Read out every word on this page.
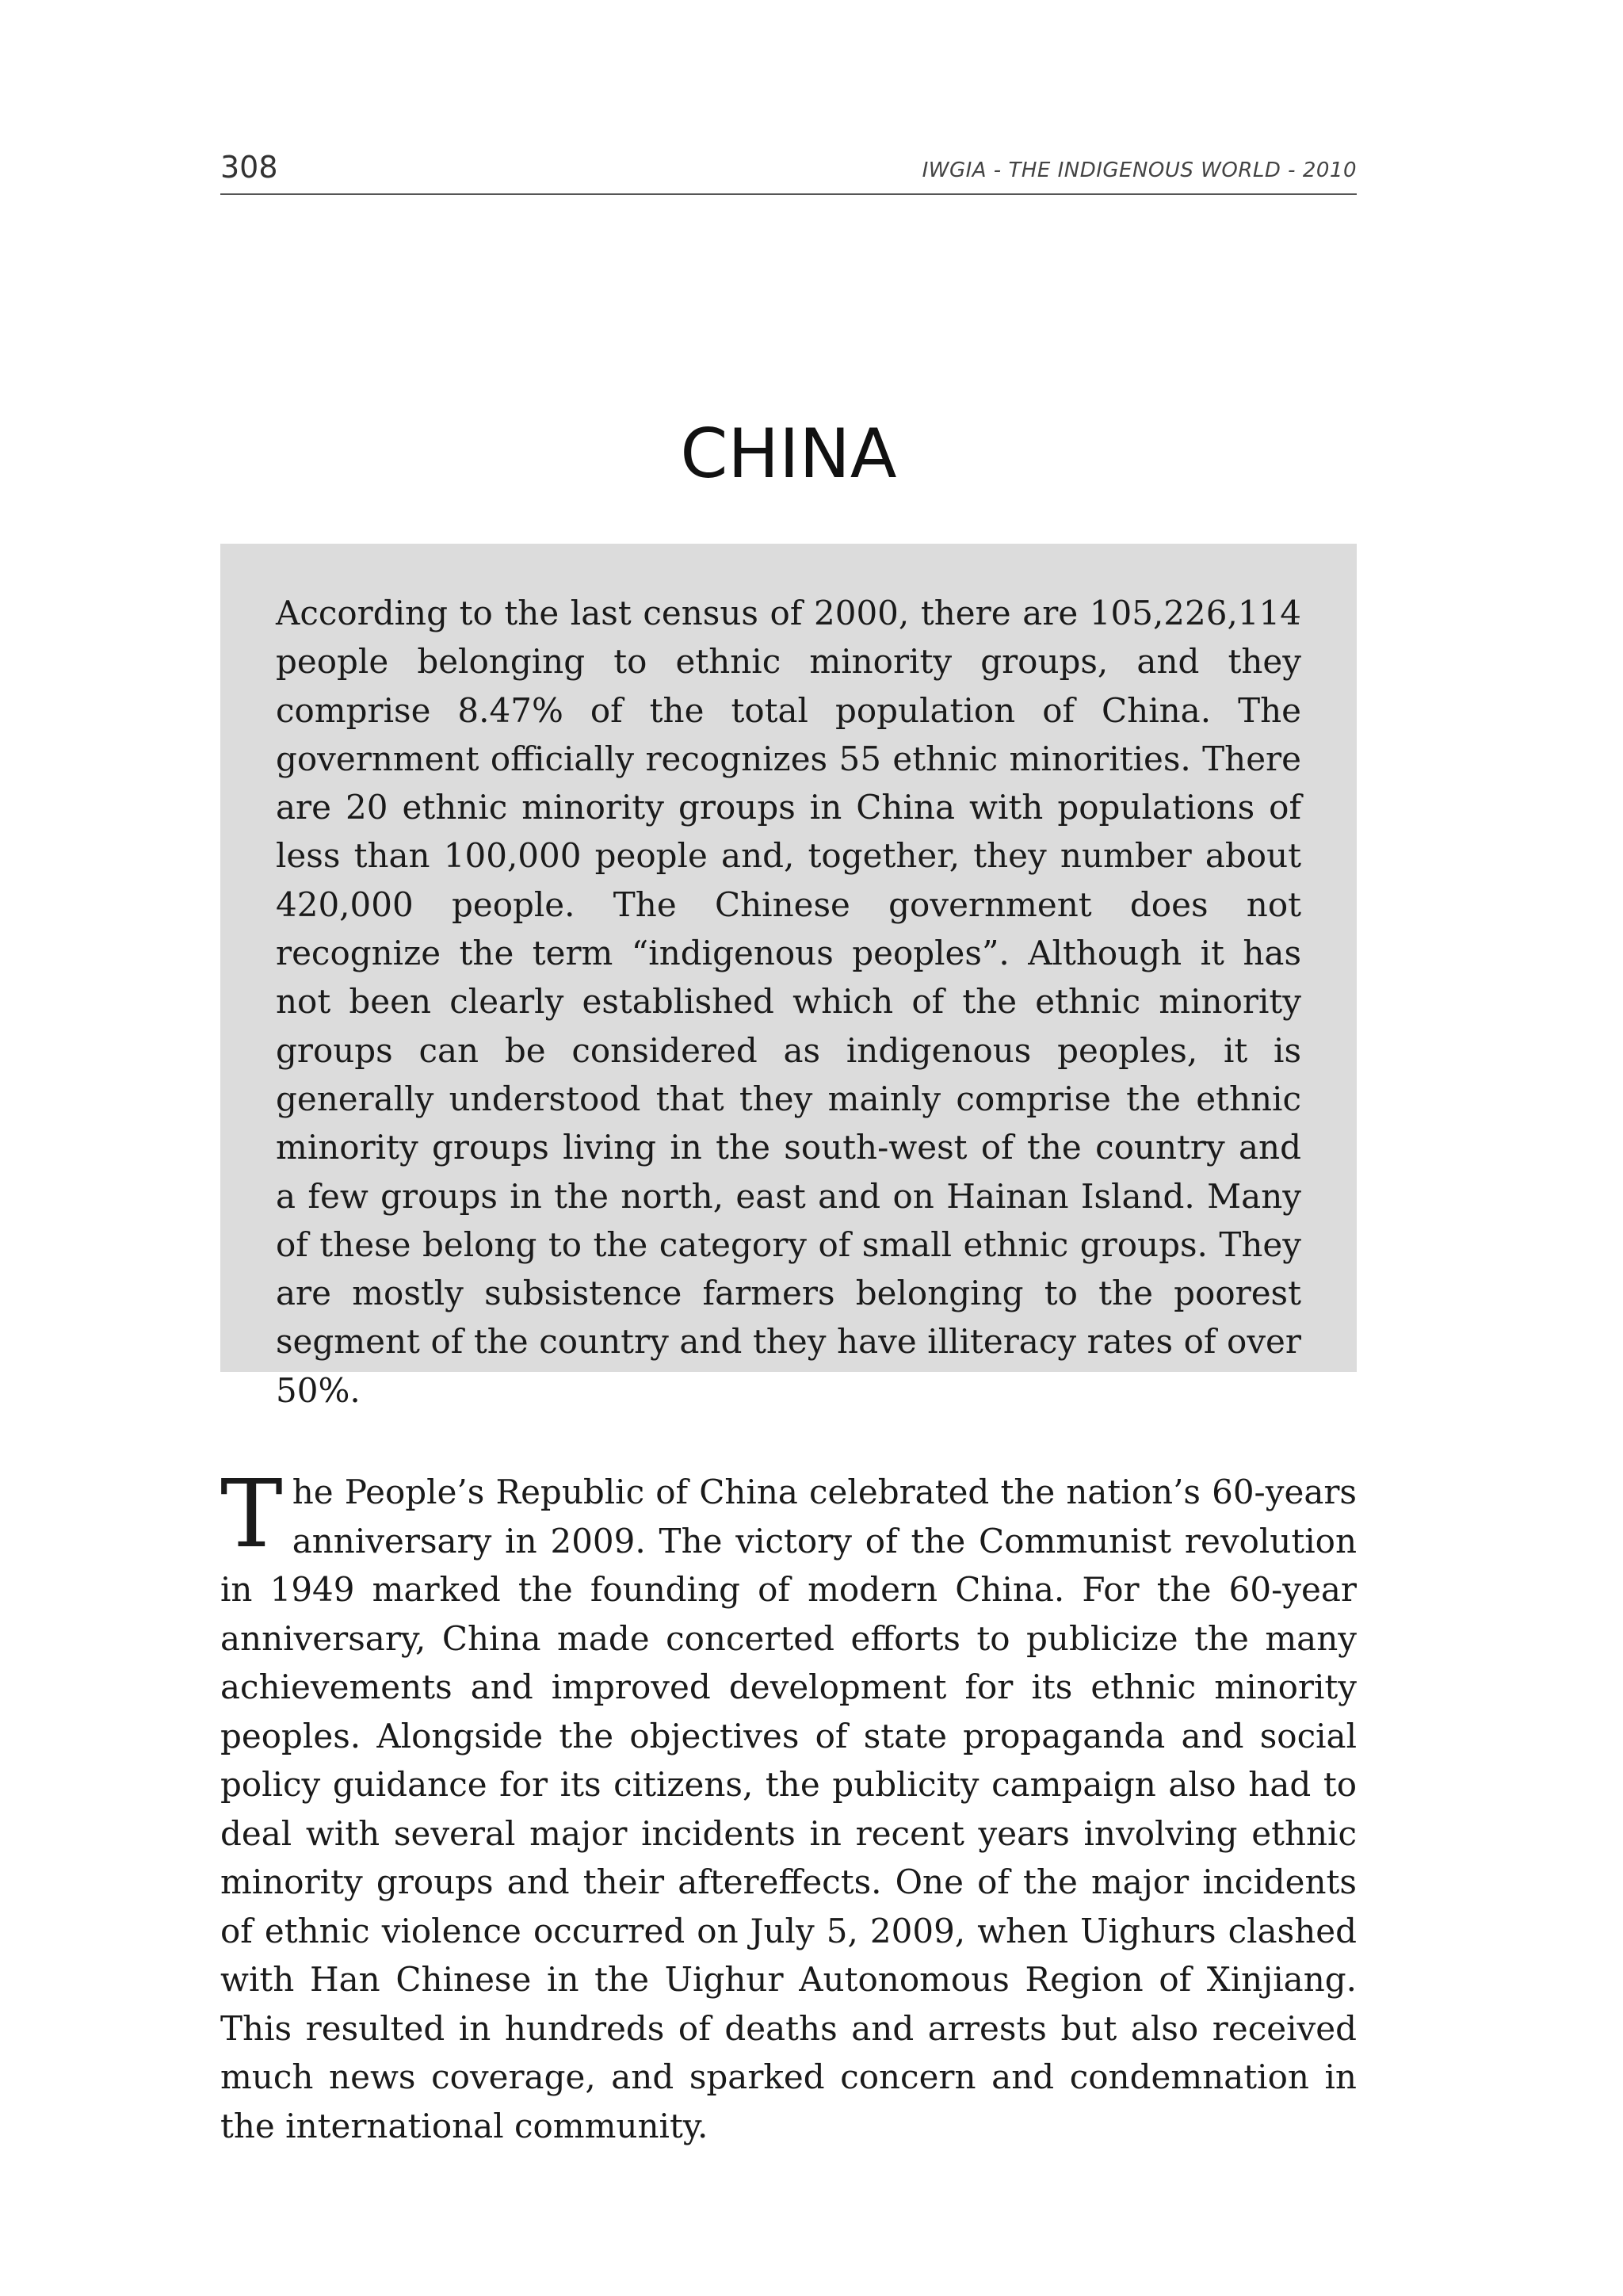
308	IWGIA - THE INDIGENOUS WORLD - 2010
CHINA

According to the last census of 2000, there are 105,226,114 people belonging to ethnic minority groups, and they comprise 8.47% of the total population of China. The government officially recognizes 55 ethnic minorities. There are 20 ethnic minority groups in China with populations of less than 100,000 people and, together, they number about 420,000 people. The Chinese government does not recognize the term “indigenous peoples”. Although it has not been clearly established which of the ethnic minority groups can be considered as indigenous peoples, it is generally understood that they mainly comprise the ethnic minority groups living in the south-west of the country and a few groups in the north, east and on Hainan Island. Many of these belong to the category of small ethnic groups. They are mostly subsistence farmers belonging to the poorest segment of the country and they have illiteracy rates of over 50%.

The People’s Republic of China celebrated the nation’s 60-years anniversary in 2009. The victory of the Communist revolution in 1949 marked the founding of modern China. For the 60-year anniversary, China made concerted efforts to publicize the many achievements and improved development for its ethnic minority peoples. Alongside the objectives of state propaganda and social policy guidance for its citizens, the publicity campaign also had to deal with several major incidents in recent years involving ethnic minority groups and their aftereffects. One of the major incidents of ethnic violence occurred on July 5, 2009, when Uighurs clashed with Han Chinese in the Uighur Autonomous Region of Xinjiang. This resulted in hundreds of deaths and arrests but also received much news coverage, and sparked concern and condemnation in the international community.
